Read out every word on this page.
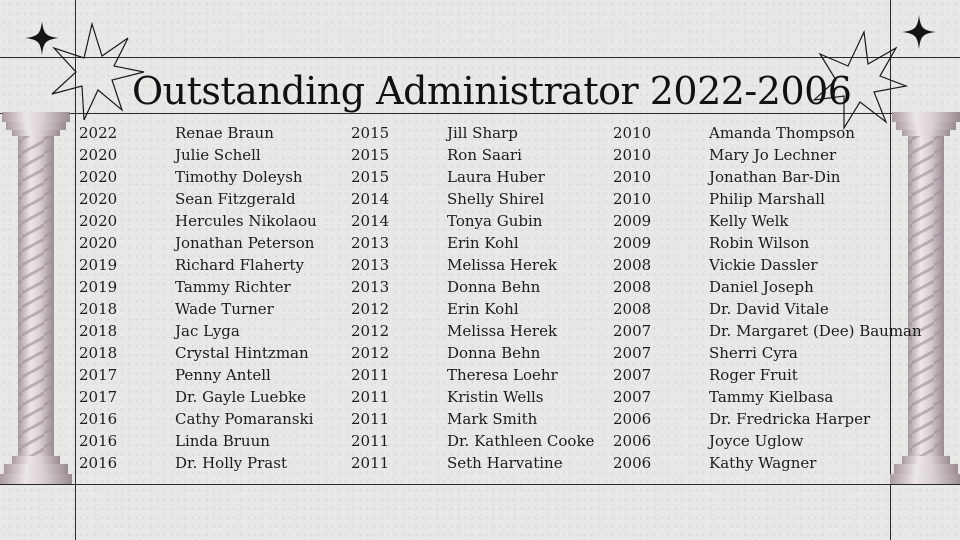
Outstanding Administrator 2022-2006
2022	Renae Braun
2020	Julie Schell
2020	Timothy Doleysh
2020	Sean Fitzgerald
2020	Hercules Nikolaou
2020	Jonathan Peterson
2019	Richard Flaherty
2019	Tammy Richter
2018	Wade Turner
2018	Jac Lyga
2018	Crystal Hintzman
2017	Penny Antell
2017	Dr. Gayle Luebke
2016	Cathy Pomaranski
2016	Linda Bruun
2016	Dr. Holly Prast
2015	Jill Sharp
2015	Ron Saari
2015	Laura Huber
2014	Shelly Shirel
2014	Tonya Gubin
2013	Erin Kohl
2013	Melissa Herek
2013	Donna Behn
2012	Erin Kohl
2012	Melissa Herek
2012	Donna Behn
2011	Theresa Loehr
2011	Kristin Wells
2011	Mark Smith
2011	Dr. Kathleen Cooke
2011	Seth Harvatine
2010	Amanda Thompson
2010	Mary Jo Lechner
2010	Jonathan Bar-Din
2010	Philip Marshall
2009	Kelly Welk
2009	Robin Wilson
2008	Vickie Dassler
2008	Daniel Joseph
2008	Dr. David Vitale
2007	Dr. Margaret (Dee) Bauman
2007	Sherri Cyra
2007	Roger Fruit
2007	Tammy Kielbasa
2006	Dr. Fredricka Harper
2006	Joyce Uglow
2006	Kathy Wagner
